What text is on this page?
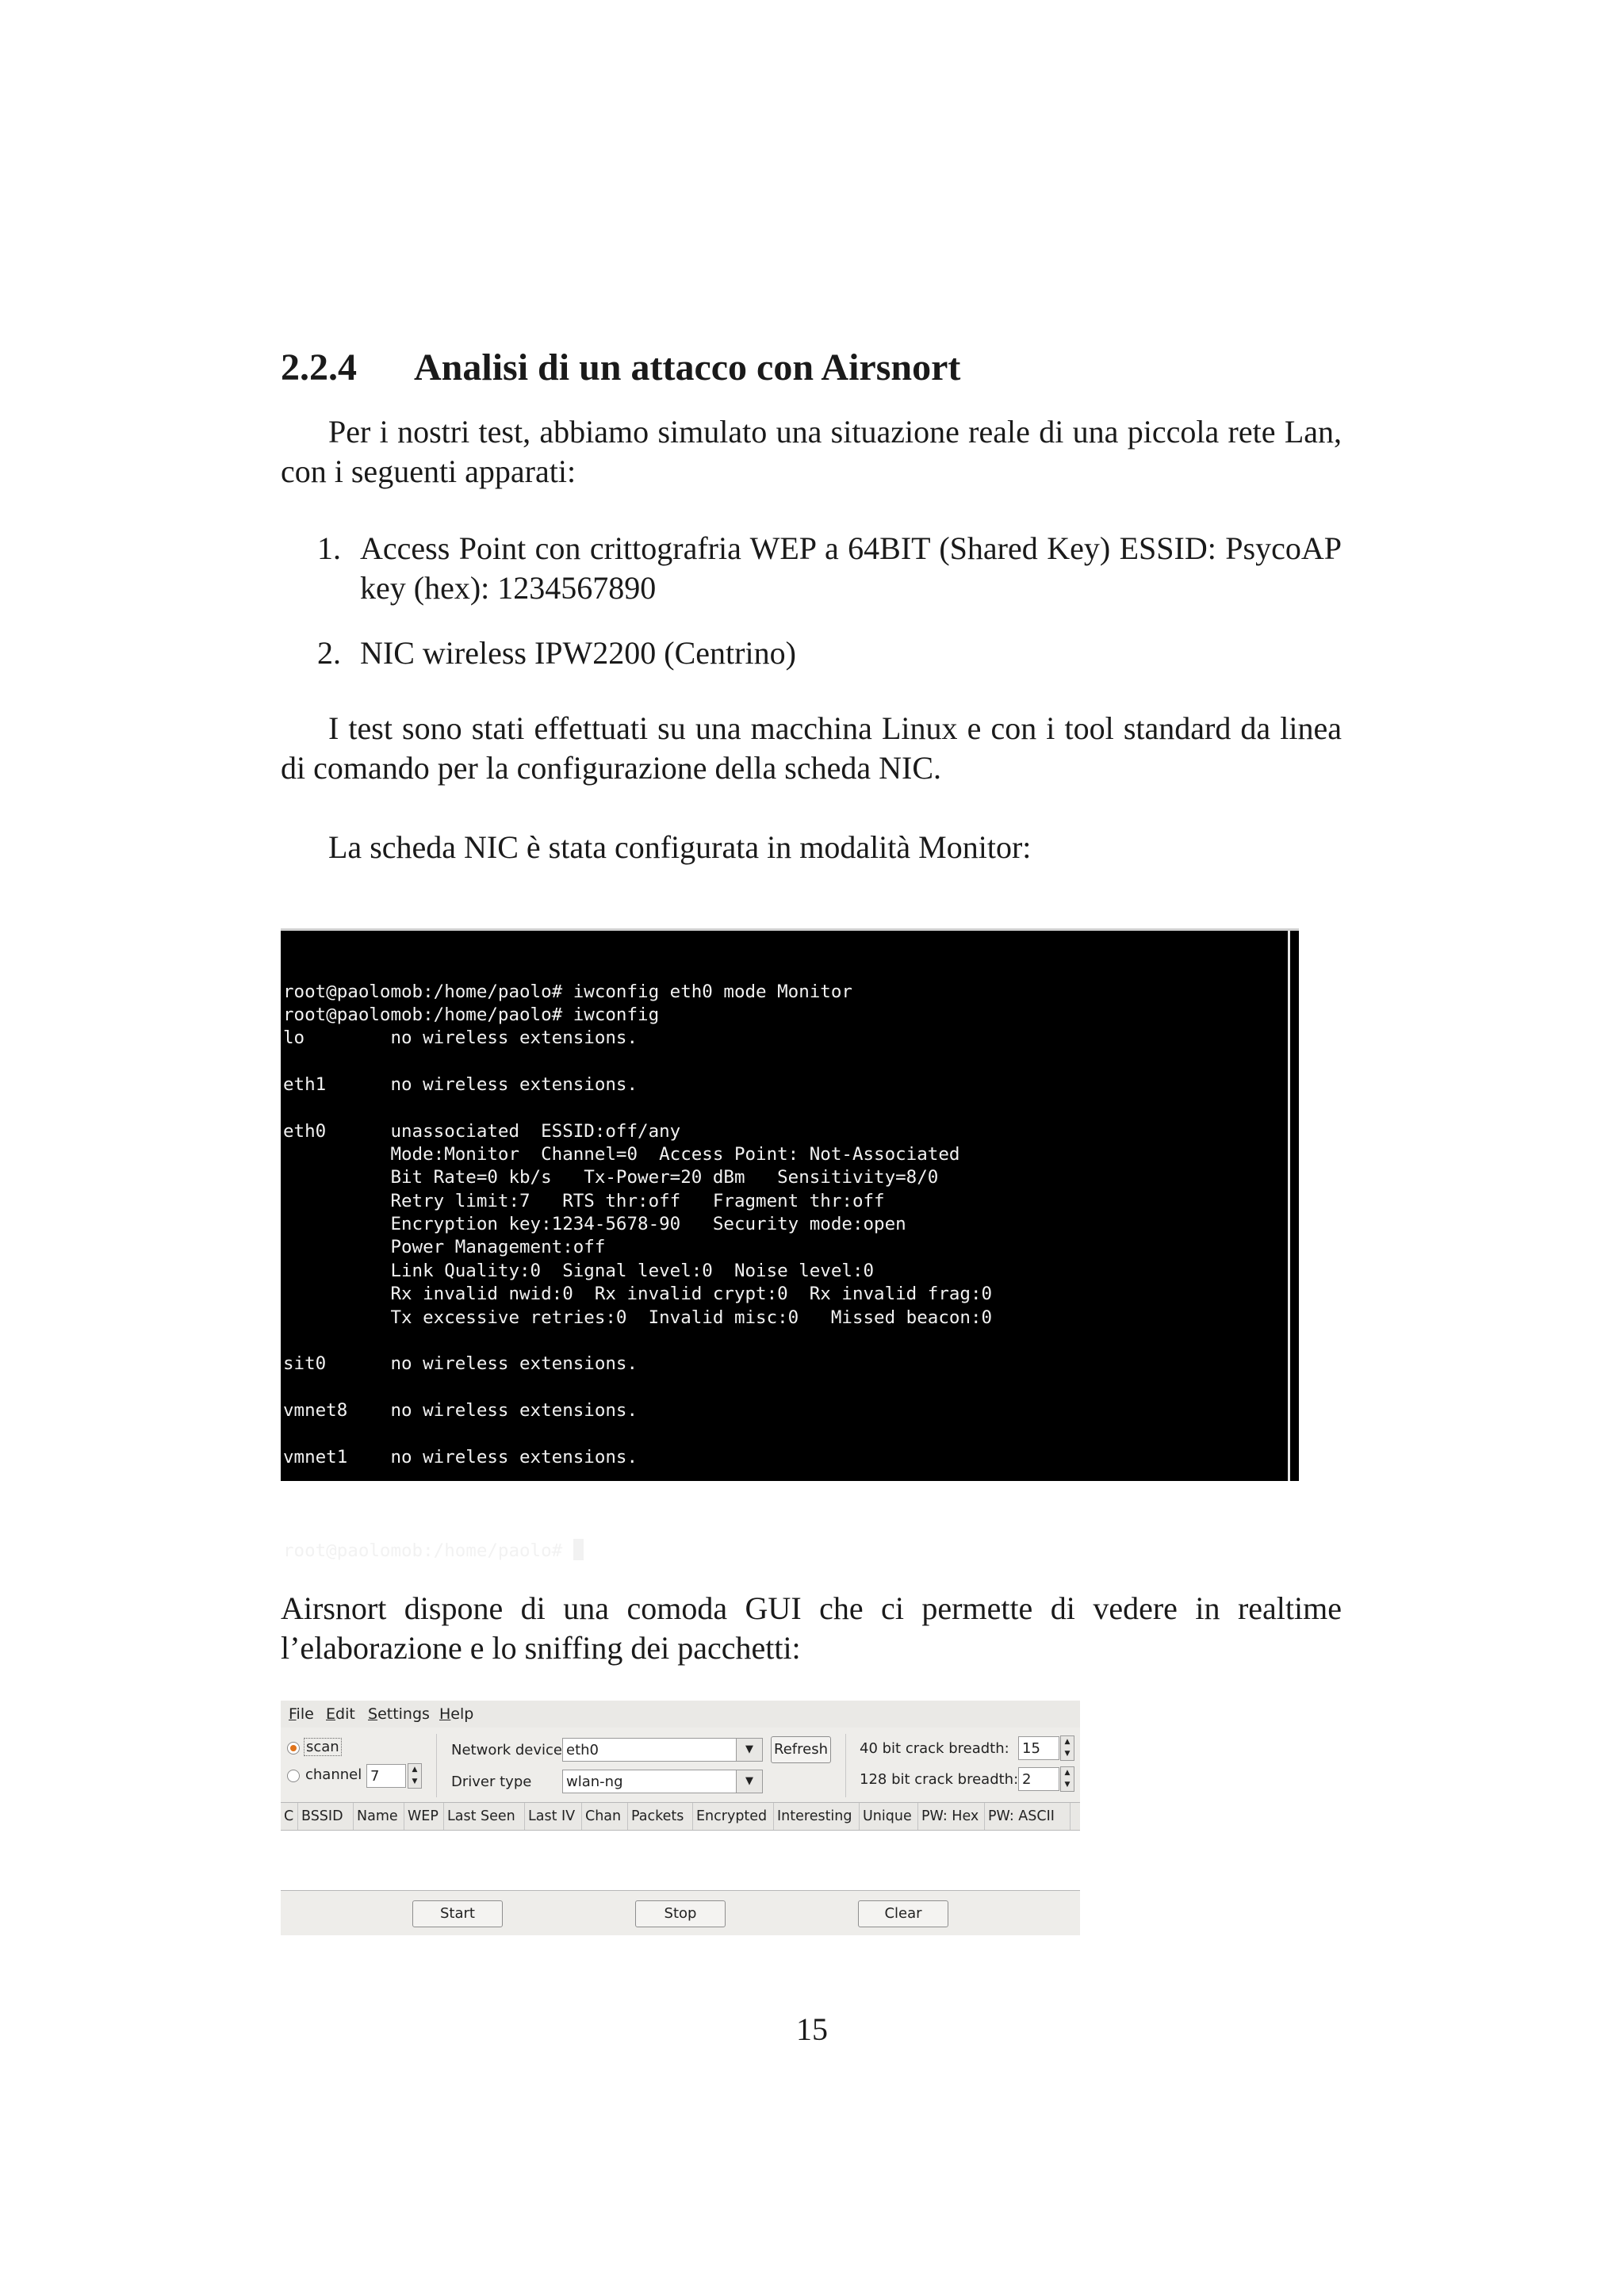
2.2.4 Analisi di un attacco con Airsnort

Per i nostri test, abbiamo simulato una situazione reale di una piccola rete Lan, con i seguenti apparati:

1. Access Point con crittografria WEP a 64BIT (Shared Key) ESSID: PsycoAP key (hex): 1234567890
2. NIC wireless IPW2200 (Centrino)

I test sono stati effettuati su una macchina Linux e con i tool standard da linea di comando per la configurazione della scheda NIC.

La scheda NIC è stata configurata in modalità Monitor:

root@paolomob:/home/paolo# iwconfig eth0 mode Monitor
root@paolomob:/home/paolo# iwconfig
lo        no wireless extensions.
eth1      no wireless extensions.
eth0      unassociated  ESSID:off/any
Mode:Monitor  Channel=0  Access Point: Not-Associated
Bit Rate=0 kb/s   Tx-Power=20 dBm   Sensitivity=8/0
Retry limit:7   RTS thr:off   Fragment thr:off
Encryption key:1234-5678-90   Security mode:open
Power Management:off
Link Quality:0  Signal level:0  Noise level:0
Rx invalid nwid:0  Rx invalid crypt:0  Rx invalid frag:0
Tx excessive retries:0  Invalid misc:0   Missed beacon:0
sit0      no wireless extensions.
vmnet8    no wireless extensions.
vmnet1    no wireless extensions.

root@paolomob:/home/paolo#

Airsnort dispone di una comoda GUI che ci permette di vedere in realtime l’elaborazione e lo sniffing dei pacchetti:

File Edit Settings Help
scan
channel 7	▲
▼
Network device eth0	▼	Refresh
Driver type wlan-ng	▼
40 bit crack breadth: 15	▲
▼
128 bit crack breadth: 2	▲
▼
C BSSID Name WEP Last Seen Last IV Chan Packets Encrypted Interesting Unique PW: Hex PW: ASCII
Start	Stop	Clear
15
